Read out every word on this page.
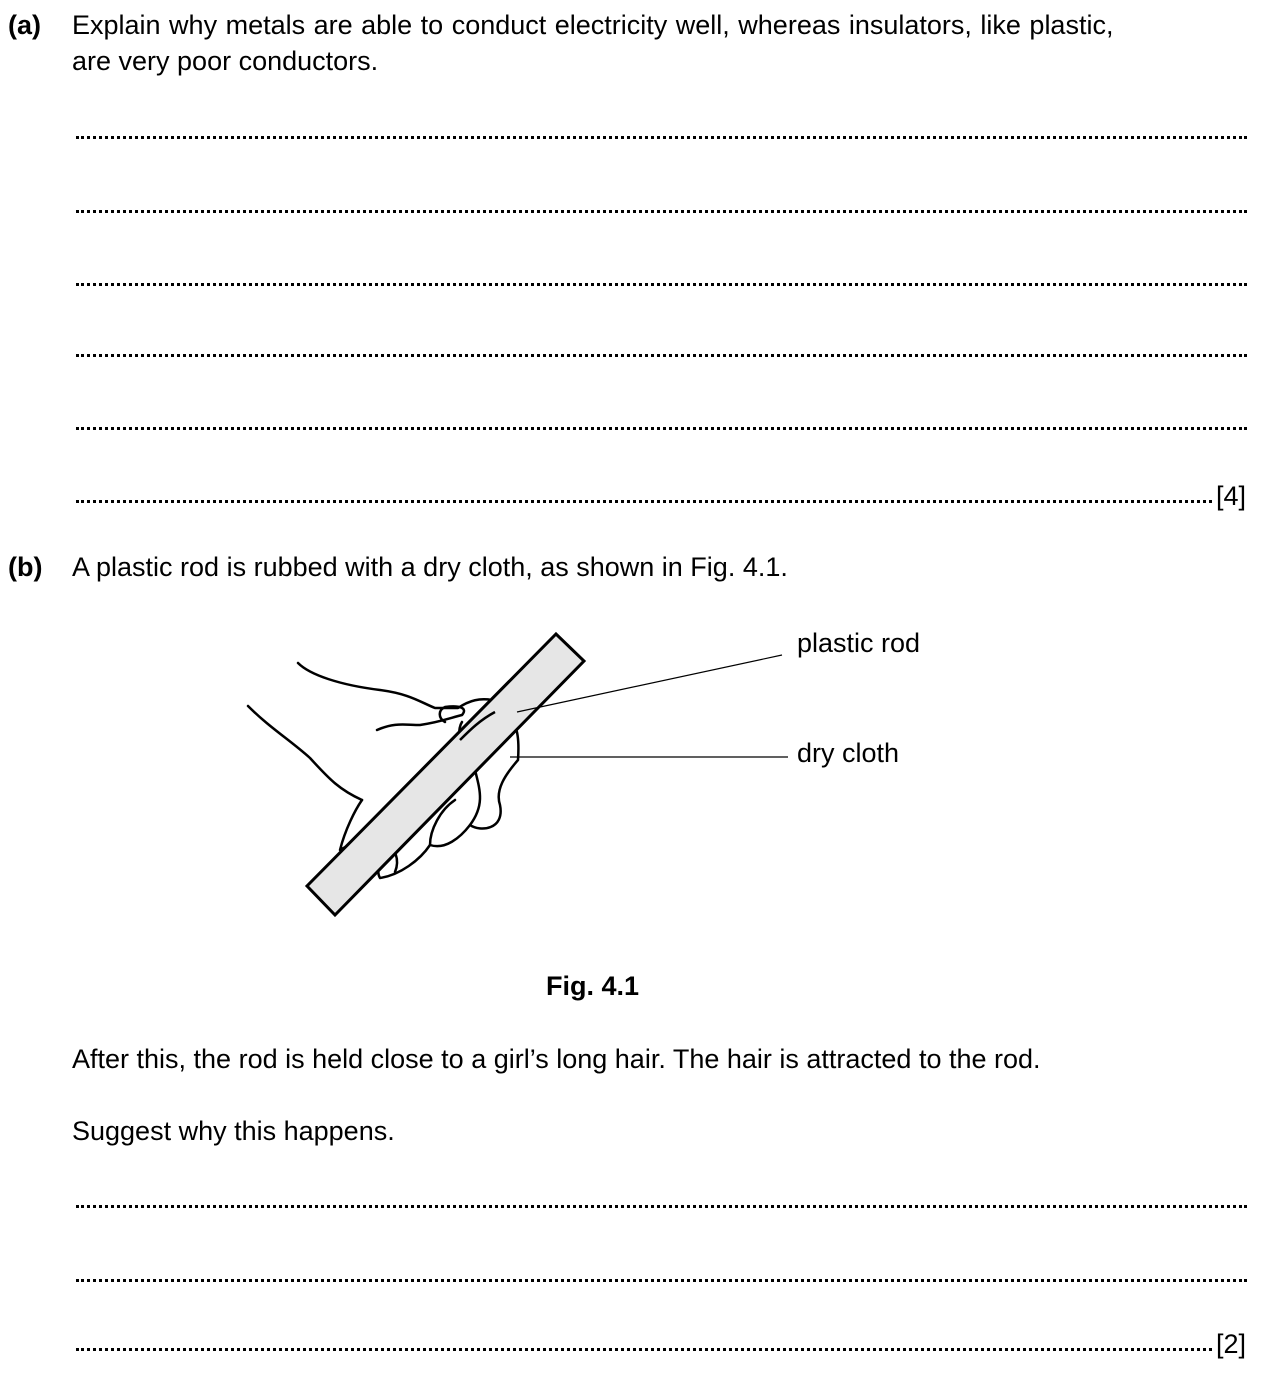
(a) Explain why metals are able to conduct electricity well, whereas insulators, like plastic,
are very poor conductors.
[4]
(b) A plastic rod is rubbed with a dry cloth, as shown in Fig. 4.1.
plastic rod
dry cloth
Fig. 4.1
After this, the rod is held close to a girl’s long hair. The hair is attracted to the rod.
Suggest why this happens.
[2]
